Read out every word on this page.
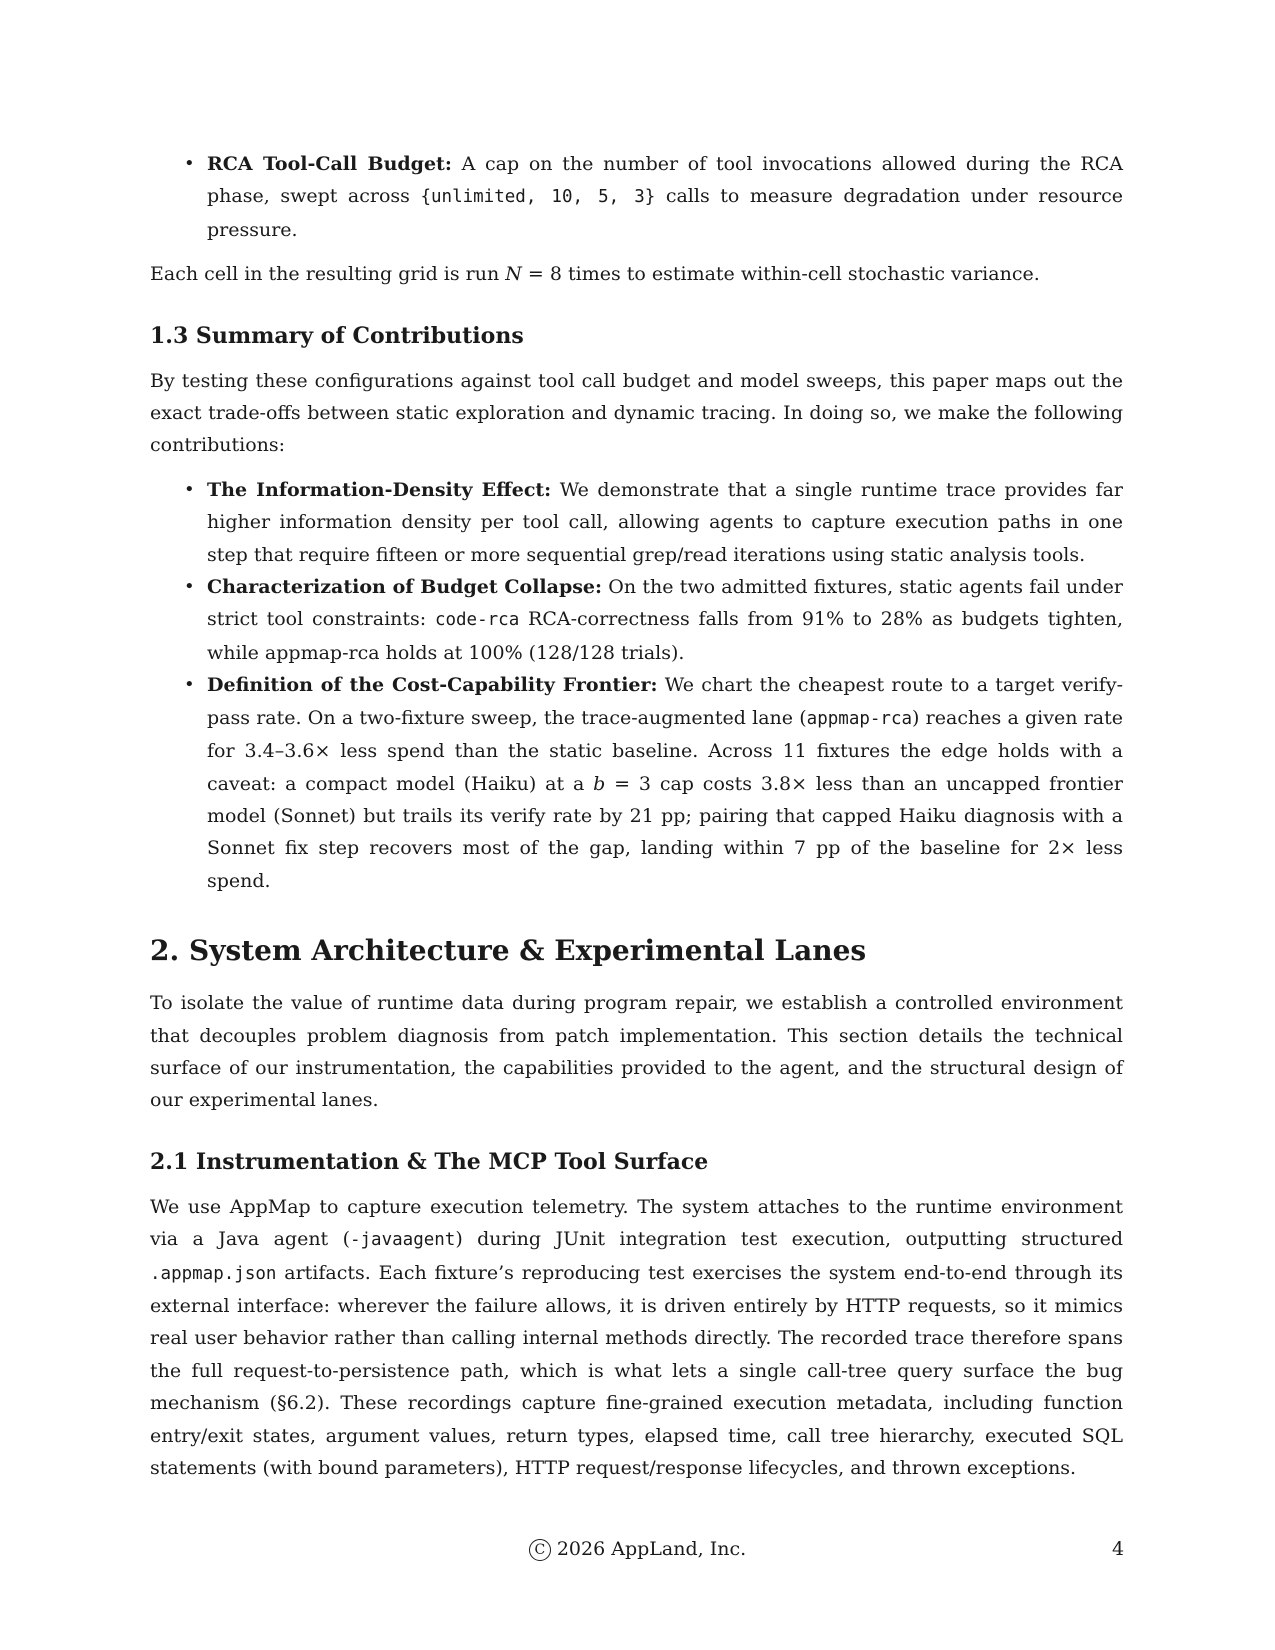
• RCA Tool-Call Budget: A cap on the number of tool invocations allowed during the RCA phase, swept across {unlimited, 10, 5, 3} calls to measure degradation under resource pressure.

Each cell in the resulting grid is run N = 8 times to estimate within-cell stochastic variance.

1.3 Summary of Contributions

By testing these configurations against tool call budget and model sweeps, this paper maps out the exact trade-offs between static exploration and dynamic tracing. In doing so, we make the following contributions:

• The Information-Density Effect: We demonstrate that a single runtime trace provides far higher information density per tool call, allowing agents to capture execution paths in one step that require fifteen or more sequential grep/read iterations using static analysis tools.
• Characterization of Budget Collapse: On the two admitted fixtures, static agents fail under strict tool constraints: code-rca RCA-correctness falls from 91% to 28% as budgets tighten, while appmap-rca holds at 100% (128/128 trials).
• Definition of the Cost-Capability Frontier: We chart the cheapest route to a target verify-pass rate. On a two-fixture sweep, the trace-augmented lane (appmap-rca) reaches a given rate for 3.4–3.6× less spend than the static baseline. Across 11 fixtures the edge holds with a caveat: a compact model (Haiku) at a b = 3 cap costs 3.8× less than an uncapped frontier model (Sonnet) but trails its verify rate by 21 pp; pairing that capped Haiku diagnosis with a Sonnet fix step recovers most of the gap, landing within 7 pp of the baseline for 2× less spend.
2. System Architecture & Experimental Lanes

To isolate the value of runtime data during program repair, we establish a controlled environment that decouples problem diagnosis from patch implementation. This section details the technical surface of our instrumentation, the capabilities provided to the agent, and the structural design of our experimental lanes.

2.1 Instrumentation & The MCP Tool Surface

We use AppMap to capture execution telemetry. The system attaches to the runtime environment via a Java agent (-javaagent) during JUnit integration test execution, outputting structured .appmap.json artifacts. Each fixture’s reproducing test exercises the system end-to-end through its external interface: wherever the failure allows, it is driven entirely by HTTP requests, so it mimics real user behavior rather than calling internal methods directly. The recorded trace therefore spans the full request-to-persistence path, which is what lets a single call-tree query surface the bug mechanism (§6.2). These recordings capture fine-grained execution metadata, including function entry/exit states, argument values, return types, elapsed time, call tree hierarchy, executed SQL statements (with bound parameters), HTTP request/response lifecycles, and thrown exceptions.

C 2026 AppLand, Inc.	4
